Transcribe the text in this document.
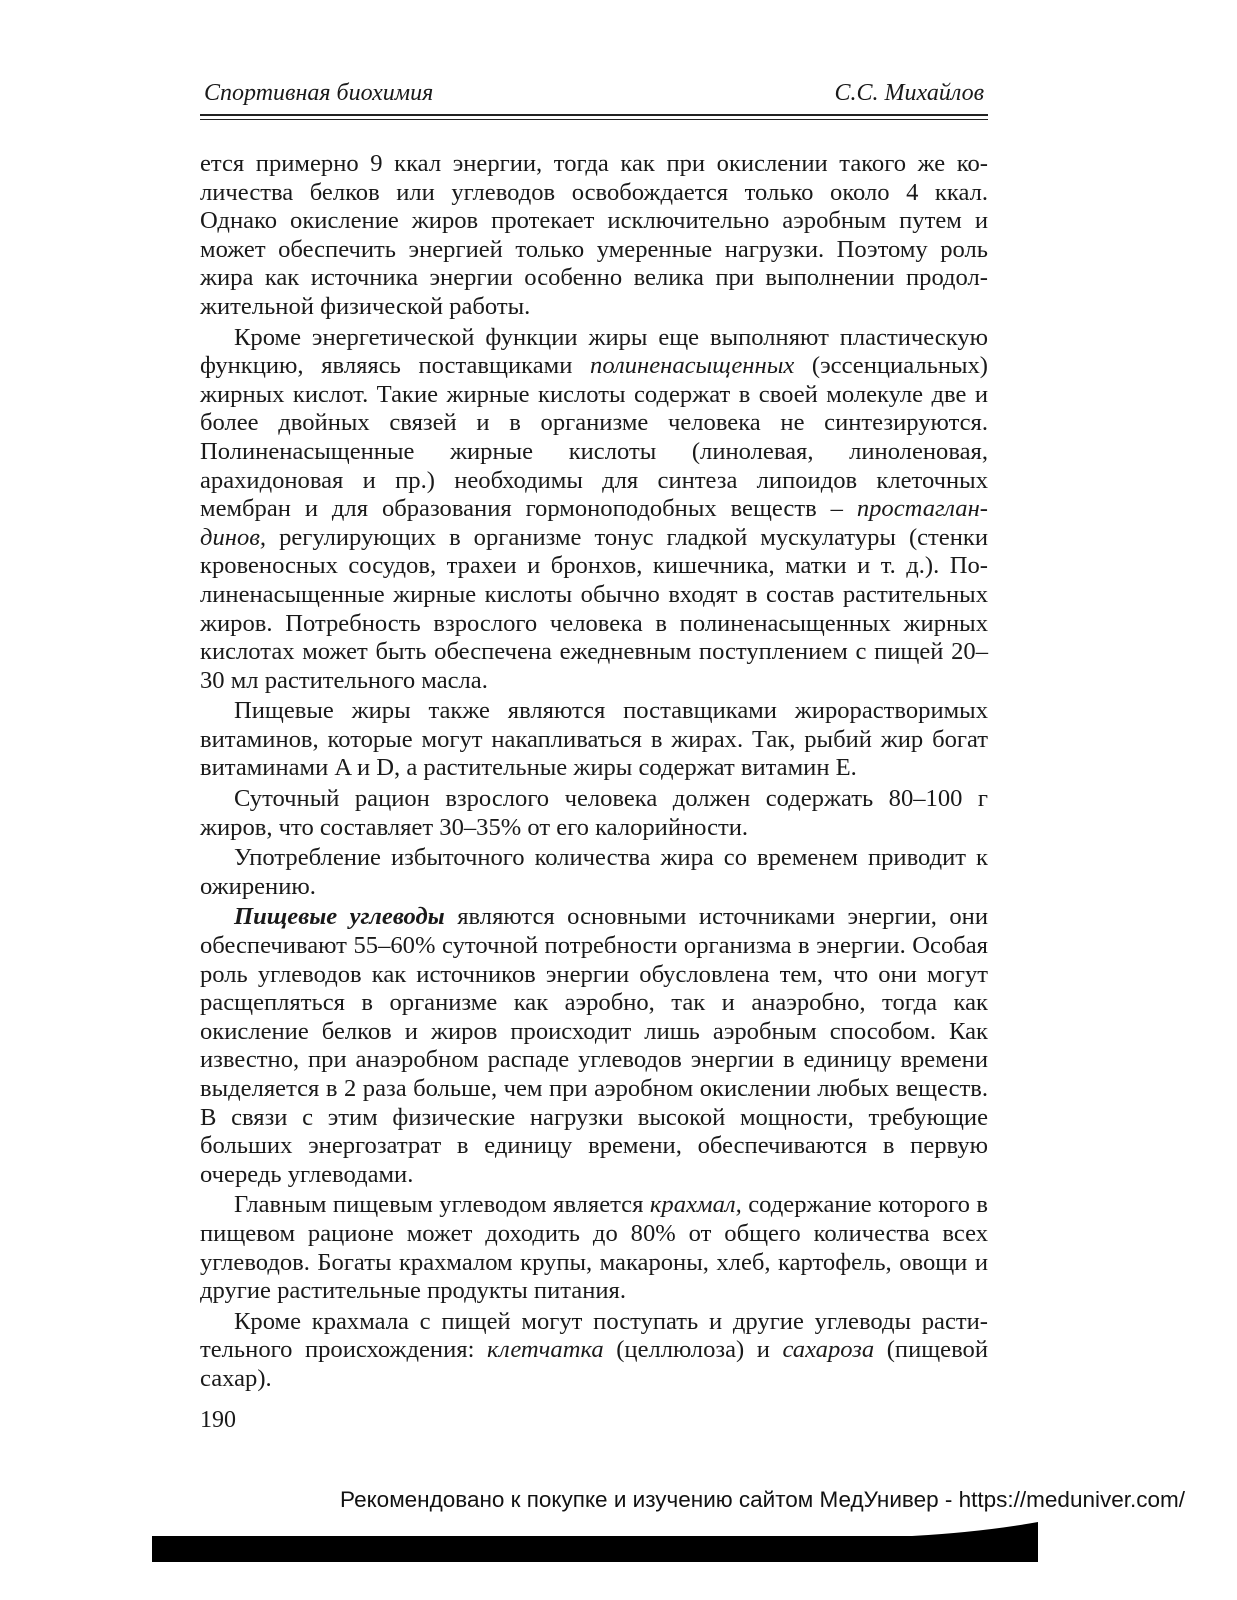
Спортивная биохимия	С.С. Михайлов

ется примерно 9 ккал энергии, тогда как при окислении такого же количества белков или углеводов освобождается только около 4 ккал. Однако окисление жиров протекает исключительно аэробным путем и может обеспечить энергией только умеренные нагрузки. Поэтому роль жира как источника энергии особенно велика при выполнении продолжительной физической работы.

Кроме энергетической функции жиры еще выполняют пластическую функцию, являясь поставщиками полиненасыщенных (эссенциальных) жирных кислот. Такие жирные кислоты содержат в своей молекуле две и более двойных связей и в организме человека не синтезируются. Полиненасыщенные жирные кислоты (линолевая, линоленовая, арахидоновая и пр.) необходимы для синтеза липоидов клеточных мембран и для образования гормоноподобных веществ – простагландинов, регулирующих в организме тонус гладкой мускулатуры (стенки кровеносных сосудов, трахеи и бронхов, кишечника, матки и т. д.). Полиненасыщенные жирные кислоты обычно входят в состав растительных жиров. Потребность взрослого человека в полиненасыщенных жирных кислотах может быть обеспечена ежедневным поступлением с пищей 20–30 мл растительного масла.

Пищевые жиры также являются поставщиками жирорастворимых витаминов, которые могут накапливаться в жирах. Так, рыбий жир богат витаминами A и D, а растительные жиры содержат витамин E.

Суточный рацион взрослого человека должен содержать 80–100 г жиров, что составляет 30–35% от его калорийности.

Употребление избыточного количества жира со временем приводит к ожирению.

Пищевые углеводы являются основными источниками энергии, они обеспечивают 55–60% суточной потребности организма в энергии. Особая роль углеводов как источников энергии обусловлена тем, что они могут расщепляться в организме как аэробно, так и анаэробно, тогда как окисление белков и жиров происходит лишь аэробным способом. Как известно, при анаэробном распаде углеводов энергии в единицу времени выделяется в 2 раза больше, чем при аэробном окислении любых веществ. В связи с этим физические нагрузки высокой мощности, требующие больших энергозатрат в единицу времени, обеспечиваются в первую очередь углеводами.

Главным пищевым углеводом является крахмал, содержание которого в пищевом рационе может доходить до 80% от общего количества всех углеводов. Богаты крахмалом крупы, макароны, хлеб, картофель, овощи и другие растительные продукты питания.

Кроме крахмала с пищей могут поступать и другие углеводы растительного происхождения: клетчатка (целлюлоза) и сахароза (пищевой сахар).

190
Рекомендовано к покупке и изучению сайтом МедУнивер - https://meduniver.com/
